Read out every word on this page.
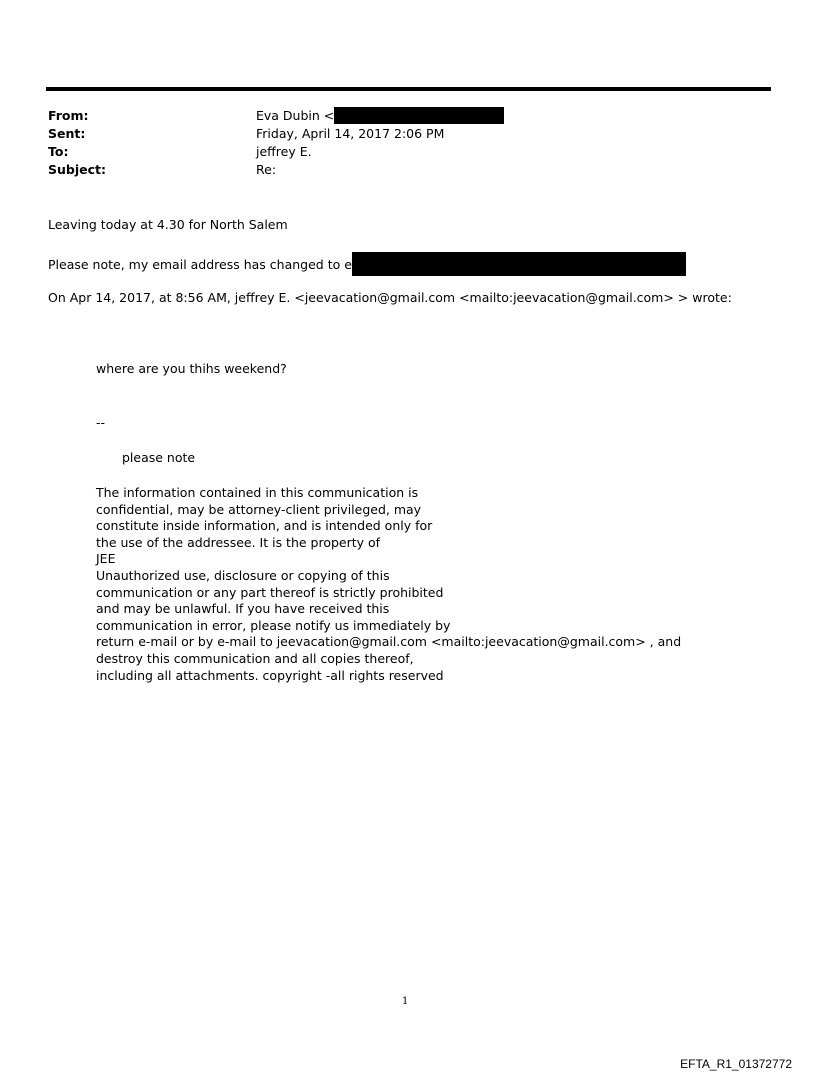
From:	Eva Dubin <
Sent:	Friday, April 14, 2017 2:06 PM
To:	jeffrey E.
Subject:	Re:
Leaving today at 4.30 for North Salem
Please note, my email address has changed to e
On Apr 14, 2017, at 8:56 AM, jeffrey E. <jeevacation@gmail.com <mailto:jeevacation@gmail.com> > wrote:
where are you thihs weekend?
--
please note
The information contained in this communication is
confidential, may be attorney-client privileged, may
constitute inside information, and is intended only for
the use of the addressee. It is the property of
JEE
Unauthorized use, disclosure or copying of this
communication or any part thereof is strictly prohibited
and may be unlawful. If you have received this
communication in error, please notify us immediately by
return e-mail or by e-mail to jeevacation@gmail.com <mailto:jeevacation@gmail.com> , and
destroy this communication and all copies thereof,
including all attachments. copyright -all rights reserved
1
EFTA_R1_01372772
